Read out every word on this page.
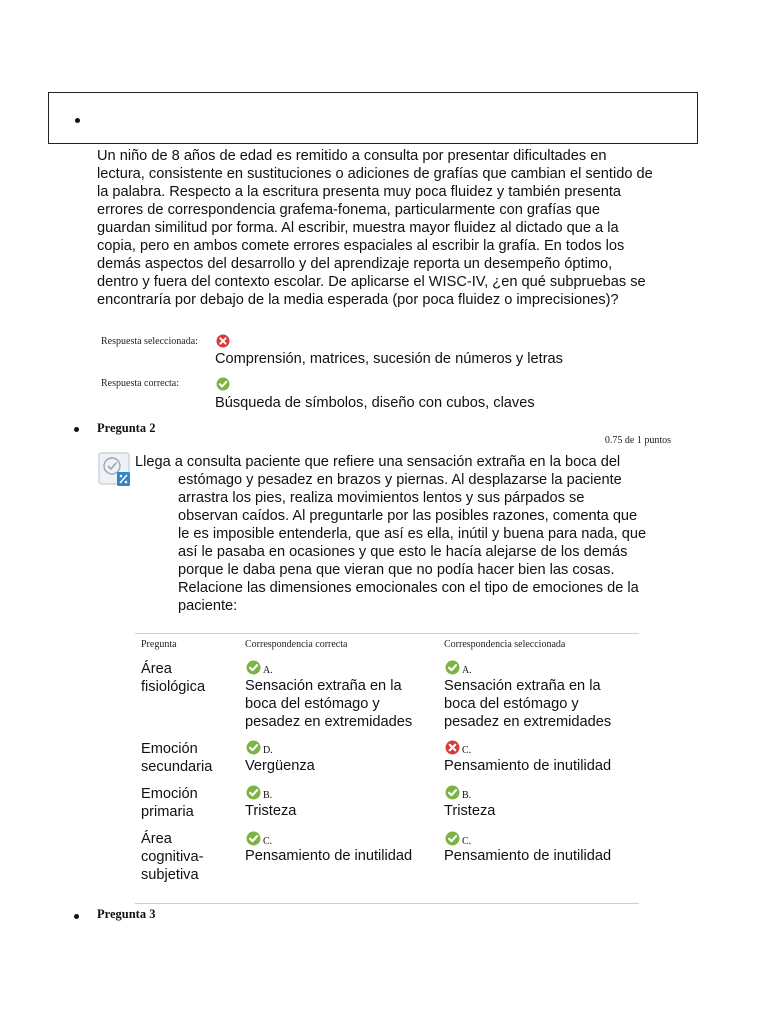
Un niño de 8 años de edad es remitido a consulta por presentar dificultades en lectura, consistente en sustituciones o adiciones de grafías que cambian el sentido de la palabra. Respecto a la escritura presenta muy poca fluidez y también presenta errores de correspondencia grafema-fonema, particularmente con grafías que guardan similitud por forma. Al escribir, muestra mayor fluidez al dictado que a la copia, pero en ambos comete errores espaciales al escribir la grafía. En todos los demás aspectos del desarrollo y del aprendizaje reporta un desempeño óptimo, dentro y fuera del contexto escolar. De aplicarse el WISC-IV, ¿en qué subpruebas se encontraría por debajo de la media esperada (por poca fluidez o imprecisiones)?

Respuesta seleccionada:
Comprensión, matrices, sucesión de números y letras
Respuesta correcta:
Búsqueda de símbolos, diseño con cubos, claves
Pregunta 2
0.75 de 1 puntos

Llega a consulta paciente que refiere una sensación extraña en la boca del

estómago y pesadez en brazos y piernas. Al desplazarse la paciente arrastra los pies, realiza movimientos lentos y sus párpados se observan caídos. Al preguntarle por las posibles razones, comenta que le es imposible entenderla, que así es ella, inútil y buena para nada, que así le pasaba en ocasiones y que esto le hacía alejarse de los demás porque le daba pena que vieran que no podía hacer bien las cosas. Relacione las dimensiones emocionales con el tipo de emociones de la paciente:

Pregunta	Correspondencia correcta	Correspondencia seleccionada
Área fisiológica
A.
Sensación extraña en la boca del estómago y pesadez en extremidades
A.
Sensación extraña en la boca del estómago y pesadez en extremidades
Emoción secundaria
D.
Vergüenza
C.
Pensamiento de inutilidad
Emoción primaria
B.
Tristeza
B.
Tristeza
Área cognitiva-subjetiva
C.
Pensamiento de inutilidad
C.
Pensamiento de inutilidad
Pregunta 3
